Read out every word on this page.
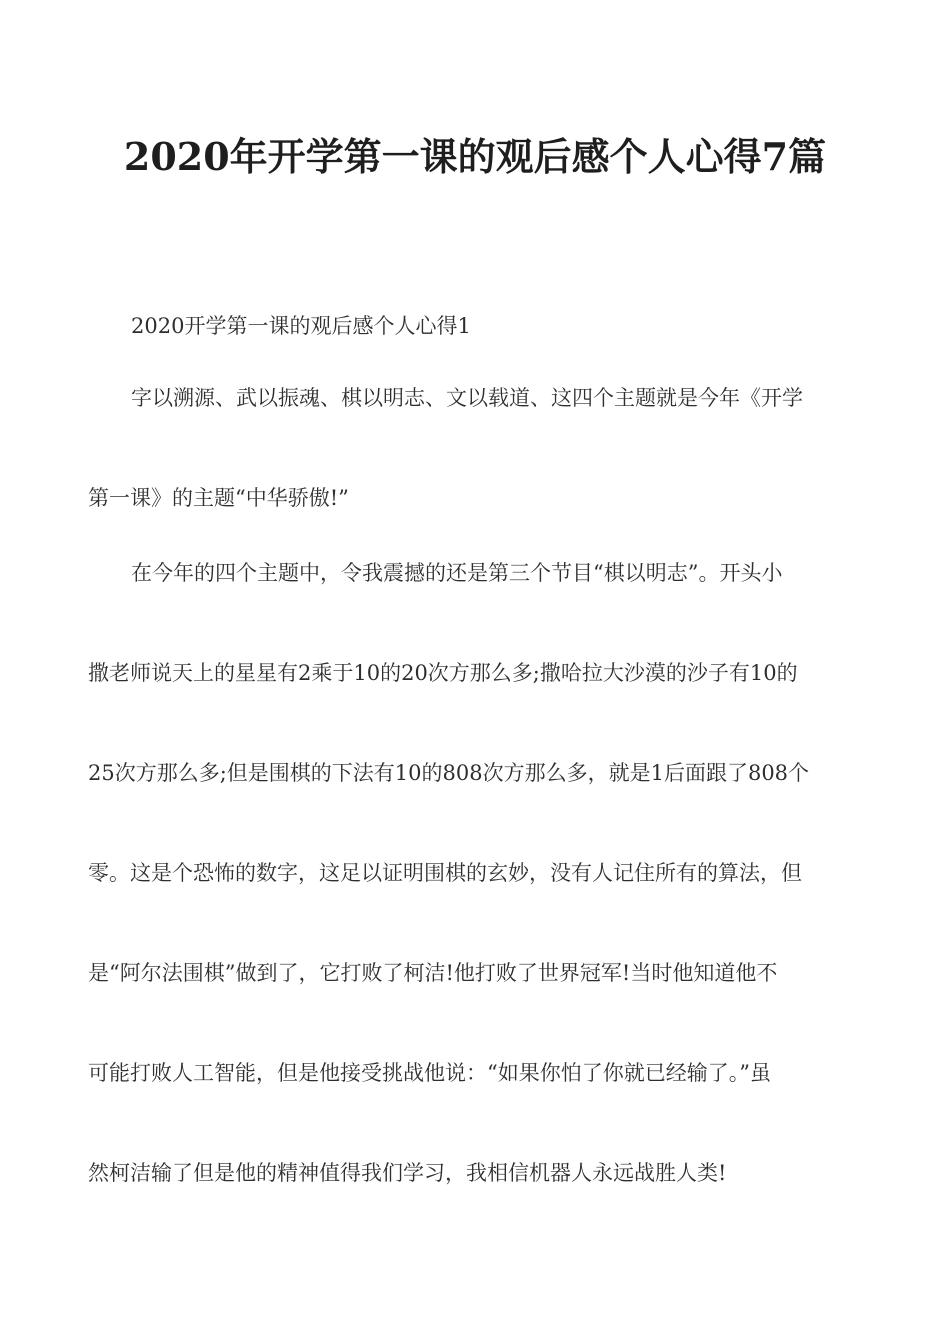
2020年开学第一课的观后感个人心得7篇

2020开学第一课的观后感个人心得1

字以溯源、武以振魂、棋以明志、文以载道、这四个主题就是今年《开学

第一课》的主题“中华骄傲!”

在今年的四个主题中，令我震撼的还是第三个节目“棋以明志”。开头小

撒老师说天上的星星有2乘于10的20次方那么多;撒哈拉大沙漠的沙子有10的

25次方那么多;但是围棋的下法有10的808次方那么多，就是1后面跟了808个

零。这是个恐怖的数字，这足以证明围棋的玄妙，没有人记住所有的算法，但

是“阿尔法围棋”做到了，它打败了柯洁!他打败了世界冠军!当时他知道他不

可能打败人工智能，但是他接受挑战他说：“如果你怕了你就已经输了。”虽

然柯洁输了但是他的精神值得我们学习，我相信机器人永远战胜人类!
